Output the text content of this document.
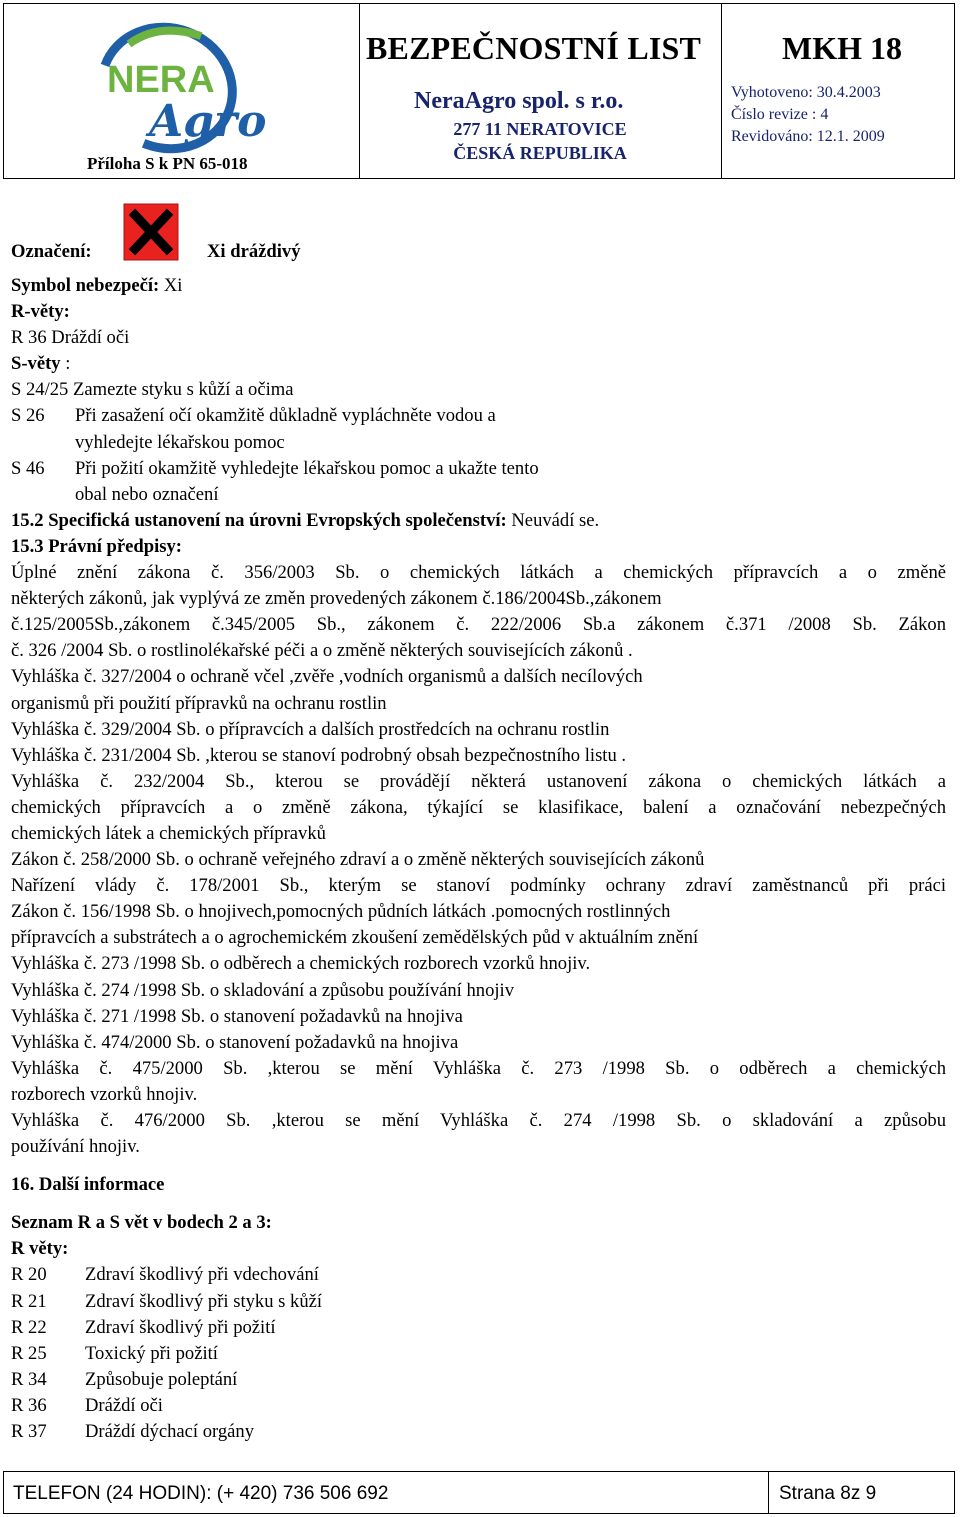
NERA
Agro
Příloha S k PN 65-018
BEZPEČNOSTNÍ LIST	MKH 18
NeraAgro spol. s r.o.
277 11 NERATOVICE
ČESKÁ REPUBLIKA
Vyhotoveno: 30.4.2003
Číslo revize : 4
Revidováno: 12.1. 2009
Označení:	Xi dráždivý
Symbol nebezpečí: Xi
R-věty:
R 36 Dráždí oči
S-věty :
S 24/25 Zamezte styku s kůží a očima
S 26 Při zasažení očí okamžitě důkladně vypláchněte vodou a
vyhledejte lékařskou pomoc
S 46 Při požití okamžitě vyhledejte lékařskou pomoc a ukažte tento
obal nebo označení
15.2 Specifická ustanovení na úrovni Evropských společenství: Neuvádí se.
15.3 Právní předpisy:
Úplné znění zákona č. 356/2003 Sb. o chemických látkách a chemických přípravcích a o změně
některých zákonů, jak vyplývá ze změn provedených zákonem č.186/2004Sb.,zákonem
č.125/2005Sb.,zákonem č.345/2005 Sb., zákonem č. 222/2006 Sb.a zákonem č.371 /2008 Sb. Zákon
č. 326 /2004 Sb. o rostlinolékařské péči a o změně některých souvisejících zákonů .
Vyhláška č. 327/2004 o ochraně včel ,zvěře ,vodních organismů a dalších necílových
organismů při použití přípravků na ochranu rostlin
Vyhláška č. 329/2004 Sb. o přípravcích a dalších prostředcích na ochranu rostlin
Vyhláška č. 231/2004 Sb. ,kterou se stanoví podrobný obsah bezpečnostního listu .
Vyhláška č. 232/2004 Sb., kterou se provádějí některá ustanovení zákona o chemických látkách a
chemických přípravcích a o změně zákona, týkající se klasifikace, balení a označování nebezpečných
chemických látek a chemických přípravků
Zákon č. 258/2000 Sb. o ochraně veřejného zdraví a o změně některých souvisejících zákonů
Nařízení vlády č. 178/2001 Sb., kterým se stanoví podmínky ochrany zdraví zaměstnanců při práci
Zákon č. 156/1998 Sb. o hnojivech,pomocných půdních látkách .pomocných rostlinných
přípravcích a substrátech a o agrochemickém zkoušení zemědělských půd v aktuálním znění
Vyhláška č. 273 /1998 Sb. o odběrech a chemických rozborech vzorků hnojiv.
Vyhláška č. 274 /1998 Sb. o skladování a způsobu používání hnojiv
Vyhláška č. 271 /1998 Sb. o stanovení požadavků na hnojiva
Vyhláška č. 474/2000 Sb. o stanovení požadavků na hnojiva
Vyhláška č. 475/2000 Sb. ,kterou se mění Vyhláška č. 273 /1998 Sb. o odběrech a chemických
rozborech vzorků hnojiv.
Vyhláška č. 476/2000 Sb. ,kterou se mění Vyhláška č. 274 /1998 Sb. o skladování a způsobu
používání hnojiv.
16. Další informace
Seznam R a S vět v bodech 2 a 3:
R věty:
R 20 Zdraví škodlivý při vdechování
R 21 Zdraví škodlivý při styku s kůží
R 22 Zdraví škodlivý při požití
R 25 Toxický při požití
R 34 Způsobuje poleptání
R 36 Dráždí oči
R 37 Dráždí dýchací orgány
TELEFON (24 HODIN): (+ 420) 736 506 692	Strana 8z 9
